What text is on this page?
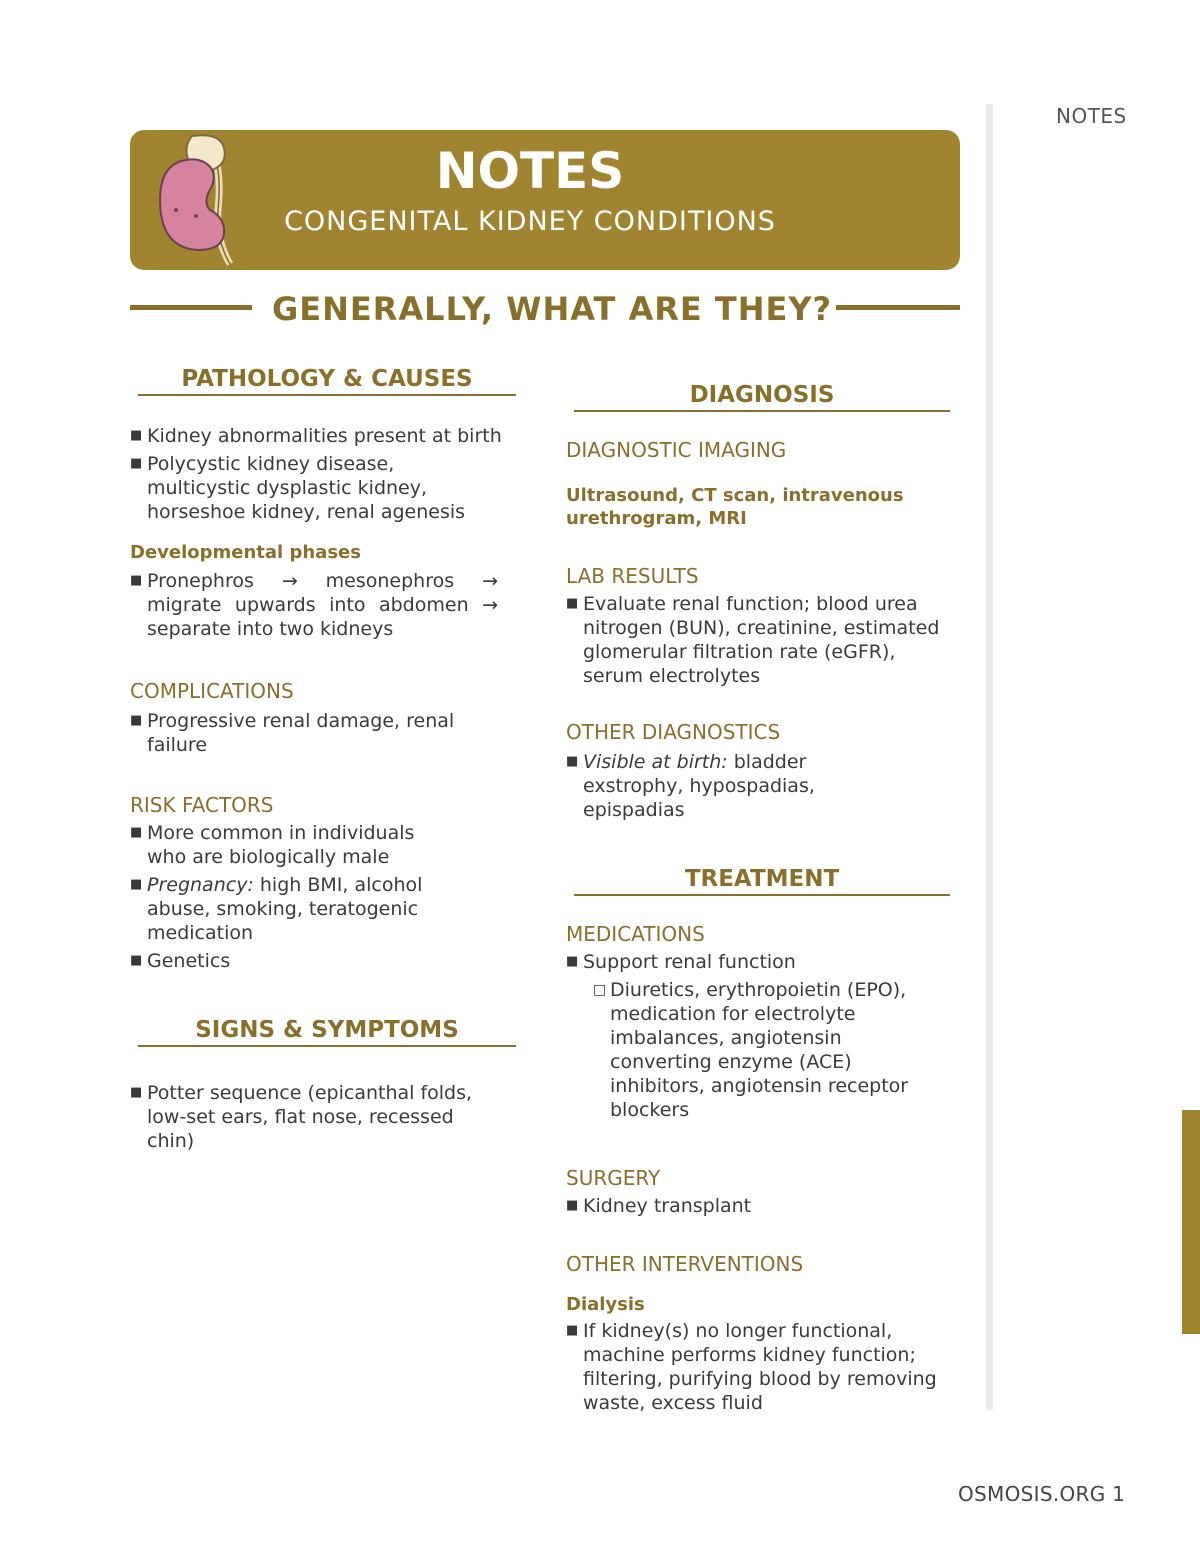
NOTES
NOTES
CONGENITAL KIDNEY CONDITIONS
GENERALLY, WHAT ARE THEY?
PATHOLOGY & CAUSES

■ Kidney abnormalities present at birth

■ Polycystic kidney disease, multicystic dysplastic kidney, horseshoe kidney, renal agenesis

Developmental phases

■ Pronephros → mesonephros → migrate upwards into abdomen → separate into two kidneys

COMPLICATIONS

■ Progressive renal damage, renal failure

RISK FACTORS

■ More common in individuals who are biologically male

■ Pregnancy: high BMI, alcohol abuse, smoking, teratogenic medication

■ Genetics

SIGNS & SYMPTOMS

■ Potter sequence (epicanthal folds, low-set ears, flat nose, recessed chin)

DIAGNOSIS

DIAGNOSTIC IMAGING

Ultrasound, CT scan, intravenous urethrogram, MRI

LAB RESULTS

■ Evaluate renal function; blood urea nitrogen (BUN), creatinine, estimated glomerular filtration rate (eGFR), serum electrolytes

OTHER DIAGNOSTICS

■ Visible at birth: bladder exstrophy, hypospadias, epispadias

TREATMENT

MEDICATIONS

■ Support renal function

□ Diuretics, erythropoietin (EPO), medication for electrolyte imbalances, angiotensin converting enzyme (ACE) inhibitors, angiotensin receptor blockers

SURGERY

■ Kidney transplant

OTHER INTERVENTIONS

Dialysis

■ If kidney(s) no longer functional, machine performs kidney function; filtering, purifying blood by removing waste, excess fluid

OSMOSIS.ORG 1
